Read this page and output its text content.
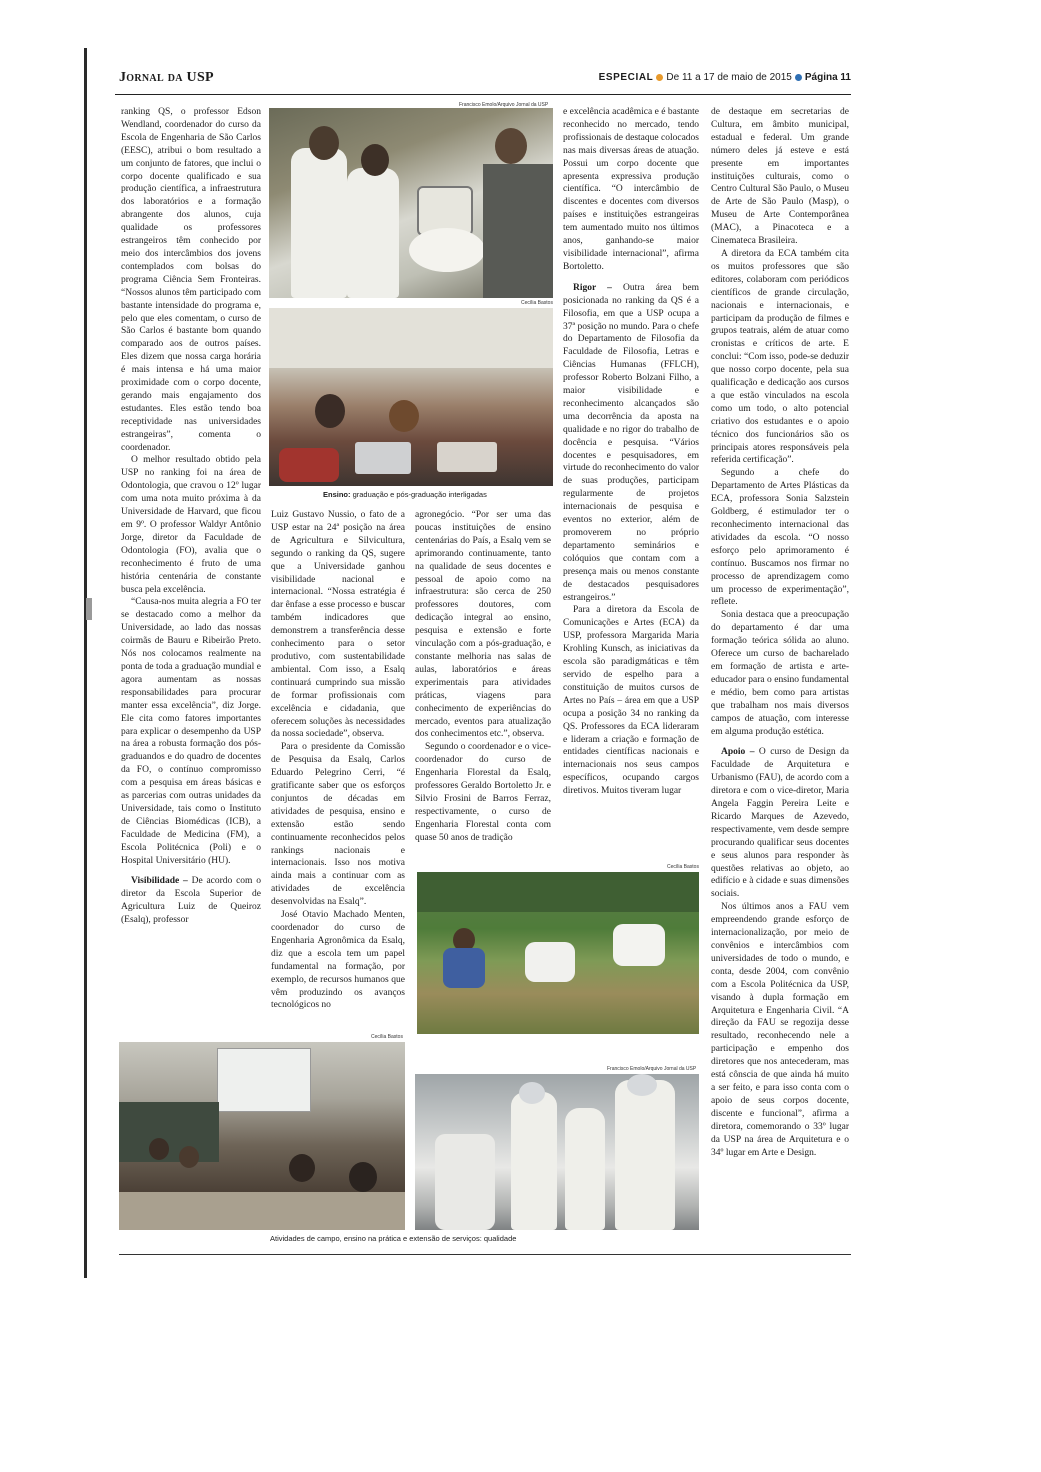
Jornal da USP	ESPECIAL De 11 a 17 de maio de 2015 Página 11

ranking QS, o professor Edson Wendland, coordenador do curso da Escola de Engenharia de São Carlos (EESC), atribui o bom resultado a um conjunto de fatores, que inclui o corpo docente qualificado e sua produção científica, a infraestrutura dos laboratórios e a formação abrangente dos alunos, cuja qualidade os professores estrangeiros têm conhecido por meio dos intercâmbios dos jovens contemplados com bolsas do programa Ciência Sem Fronteiras. “Nossos alunos têm participado com bastante intensidade do programa e, pelo que eles comentam, o curso de São Carlos é bastante bom quando comparado aos de outros países. Eles dizem que nossa carga horária é mais intensa e há uma maior proximidade com o corpo docente, gerando mais engajamento dos estudantes. Eles estão tendo boa receptividade nas universidades estrangeiras”, comenta o coordenador.

O melhor resultado obtido pela USP no ranking foi na área de Odontologia, que cravou o 12º lugar com uma nota muito próxima à da Universidade de Harvard, que ficou em 9º. O professor Waldyr Antônio Jorge, diretor da Faculdade de Odontologia (FO), avalia que o reconhecimento é fruto de uma história centenária de constante busca pela excelência.

“Causa-nos muita alegria a FO ter se destacado como a melhor da Universidade, ao lado das nossas coirmãs de Bauru e Ribeirão Preto. Nós nos colocamos realmente na ponta de toda a graduação mundial e agora aumentam as nossas responsabilidades para procurar manter essa excelência”, diz Jorge. Ele cita como fatores importantes para explicar o desempenho da USP na área a robusta formação dos pós-graduandos e do quadro de docentes da FO, o contínuo compromisso com a pesquisa em áreas básicas e as parcerias com outras unidades da Universidade, tais como o Instituto de Ciências Biomédicas (ICB), a Faculdade de Medicina (FM), a Escola Politécnica (Poli) e o Hospital Universitário (HU).

Visibilidade – De acordo com o diretor da Escola Superior de Agricultura Luiz de Queiroz (Esalq), professor

Francisco Emolo/Arquivo Jornal da USP
Cecília Bastos
Ensino: graduação e pós-graduação interligadas

Luiz Gustavo Nussio, o fato de a USP estar na 24ª posição na área de Agricultura e Silvicultura, segundo o ranking da QS, sugere que a Universidade ganhou visibilidade nacional e internacional. “Nossa estratégia é dar ênfase a esse processo e buscar também indicadores que demonstrem a transferência desse conhecimento para o setor produtivo, com sustentabilidade ambiental. Com isso, a Esalq continuará cumprindo sua missão de formar profissionais com excelência e cidadania, que oferecem soluções às necessidades da nossa sociedade”, observa.

Para o presidente da Comissão de Pesquisa da Esalq, Carlos Eduardo Pelegrino Cerri, “é gratificante saber que os esforços conjuntos de décadas em atividades de pesquisa, ensino e extensão estão sendo continuamente reconhecidos pelos rankings nacionais e internacionais. Isso nos motiva ainda mais a continuar com as atividades de excelência desenvolvidas na Esalq”.

José Otavio Machado Menten, coordenador do curso de Engenharia Agronômica da Esalq, diz que a escola tem um papel fundamental na formação, por exemplo, de recursos humanos que vêm produzindo os avanços tecnológicos no

agronegócio. “Por ser uma das poucas instituições de ensino centenárias do País, a Esalq vem se aprimorando continuamente, tanto na qualidade de seus docentes e pessoal de apoio como na infraestrutura: são cerca de 250 professores doutores, com dedicação integral ao ensino, pesquisa e extensão e forte vinculação com a pós-graduação, e constante melhoria nas salas de aulas, laboratórios e áreas experimentais para atividades práticas, viagens para conhecimento de experiências do mercado, eventos para atualização dos conhecimentos etc.”, observa.

Segundo o coordenador e o vice-coordenador do curso de Engenharia Florestal da Esalq, professores Geraldo Bortoletto Jr. e Silvio Frosini de Barros Ferraz, respectivamente, o curso de Engenharia Florestal conta com quase 50 anos de tradição

e excelência acadêmica e é bastante reconhecido no mercado, tendo profissionais de destaque colocados nas mais diversas áreas de atuação. Possui um corpo docente que apresenta expressiva produção científica. “O intercâmbio de discentes e docentes com diversos países e instituições estrangeiras tem aumentado muito nos últimos anos, ganhando-se maior visibilidade internacional”, afirma Bortoletto.

Rigor – Outra área bem posicionada no ranking da QS é a Filosofia, em que a USP ocupa a 37ª posição no mundo. Para o chefe do Departamento de Filosofia da Faculdade de Filosofia, Letras e Ciências Humanas (FFLCH), professor Roberto Bolzani Filho, a maior visibilidade e reconhecimento alcançados são uma decorrência da aposta na qualidade e no rigor do trabalho de docência e pesquisa. “Vários docentes e pesquisadores, em virtude do reconhecimento do valor de suas produções, participam regularmente de projetos internacionais de pesquisa e eventos no exterior, além de promoverem no próprio departamento seminários e colóquios que contam com a presença mais ou menos constante de destacados pesquisadores estrangeiros.”

Para a diretora da Escola de Comunicações e Artes (ECA) da USP, professora Margarida Maria Krohling Kunsch, as iniciativas da escola são paradigmáticas e têm servido de espelho para a constituição de muitos cursos de Artes no País – área em que a USP ocupa a posição 34 no ranking da QS. Professores da ECA lideraram e lideram a criação e formação de entidades científicas nacionais e internacionais nos seus campos específicos, ocupando cargos diretivos. Muitos tiveram lugar

de destaque em secretarias de Cultura, em âmbito municipal, estadual e federal. Um grande número deles já esteve e está presente em importantes instituições culturais, como o Centro Cultural São Paulo, o Museu de Arte de São Paulo (Masp), o Museu de Arte Contemporânea (MAC), a Pinacoteca e a Cinemateca Brasileira.

A diretora da ECA também cita os muitos professores que são editores, colaboram com periódicos científicos de grande circulação, nacionais e internacionais, e participam da produção de filmes e grupos teatrais, além de atuar como cronistas e críticos de arte. E conclui: “Com isso, pode-se deduzir que nosso corpo docente, pela sua qualificação e dedicação aos cursos a que estão vinculados na escola como um todo, o alto potencial criativo dos estudantes e o apoio técnico dos funcionários são os principais atores responsáveis pela referida certificação”.

Segundo a chefe do Departamento de Artes Plásticas da ECA, professora Sonia Salzstein Goldberg, é estimulador ter o reconhecimento internacional das atividades da escola. “O nosso esforço pelo aprimoramento é contínuo. Buscamos nos firmar no processo de aprendizagem como um processo de experimentação”, reflete.

Sonia destaca que a preocupação do departamento é dar uma formação teórica sólida ao aluno. Oferece um curso de bacharelado em formação de artista e arte-educador para o ensino fundamental e médio, bem como para artistas que trabalham nos mais diversos campos de atuação, com interesse em alguma produção estética.

Apoio – O curso de Design da Faculdade de Arquitetura e Urbanismo (FAU), de acordo com a diretora e com o vice-diretor, Maria Angela Faggin Pereira Leite e Ricardo Marques de Azevedo, respectivamente, vem desde sempre procurando qualificar seus docentes e seus alunos para responder às questões relativas ao objeto, ao edifício e à cidade e suas dimensões sociais.

Nos últimos anos a FAU vem empreendendo grande esforço de internacionalização, por meio de convênios e intercâmbios com universidades de todo o mundo, e conta, desde 2004, com convênio com a Escola Politécnica da USP, visando à dupla formação em Arquitetura e Engenharia Civil. “A direção da FAU se regozija desse resultado, reconhecendo nele a participação e empenho dos diretores que nos antecederam, mas está cônscia de que ainda há muito a ser feito, e para isso conta com o apoio de seus corpos docente, discente e funcional”, afirma a diretora, comemorando o 33º lugar da USP na área de Arquitetura e o 34º lugar em Arte e Design.

Cecília Bastos
Cecília Bastos
Francisco Emolo/Arquivo Jornal da USP
Atividades de campo, ensino na prática e extensão de serviços: qualidade
